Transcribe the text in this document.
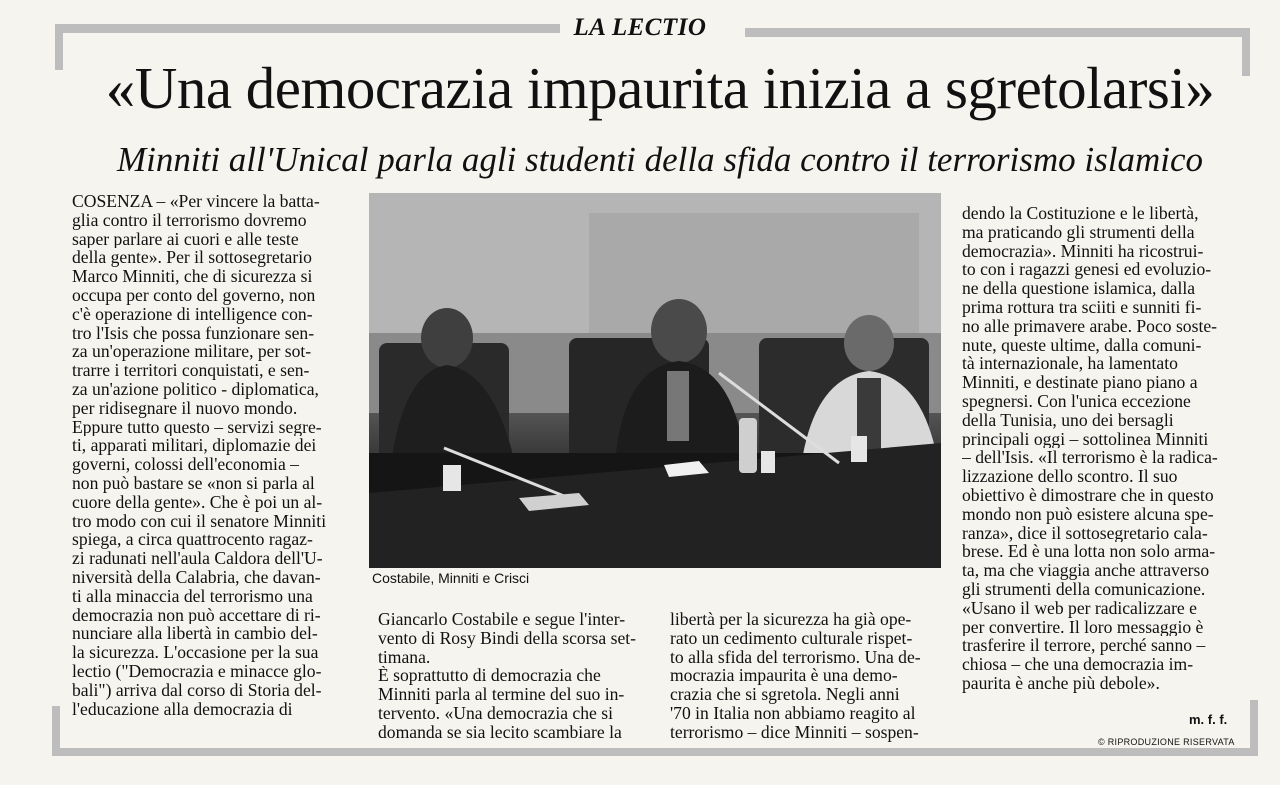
LA LECTIO
«Una democrazia impaurita inizia a sgretolarsi»
Minniti all'Unical parla agli studenti della sfida contro il terrorismo islamico
COSENZA – «Per vincere la batta-
glia contro il terrorismo dovremo
saper parlare ai cuori e alle teste
della gente». Per il sottosegretario
Marco Minniti, che di sicurezza si
occupa per conto del governo, non
c'è operazione di intelligence con-
tro l'Isis che possa funzionare sen-
za un'operazione militare, per sot-
trarre i territori conquistati, e sen-
za un'azione politico - diplomatica,
per ridisegnare il nuovo mondo.
Eppure tutto questo – servizi segre-
ti, apparati militari, diplomazie dei
governi, colossi dell'economia –
non può bastare se «non si parla al
cuore della gente». Che è poi un al-
tro modo con cui il senatore Minniti
spiega, a circa quattrocento ragaz-
zi radunati nell'aula Caldora dell'U-
niversità della Calabria, che davan-
ti alla minaccia del terrorismo una
democrazia non può accettare di ri-
nunciare alla libertà in cambio del-
la sicurezza. L'occasione per la sua
lectio ("Democrazia e minacce glo-
bali") arriva dal corso di Storia del-
l'educazione alla democrazia di
Costabile, Minniti e Crisci
Giancarlo Costabile e segue l'inter-
vento di Rosy Bindi della scorsa set-
timana.
È soprattutto di democrazia che
Minniti parla al termine del suo in-
tervento. «Una democrazia che si
domanda se sia lecito scambiare la
libertà per la sicurezza ha già ope-
rato un cedimento culturale rispet-
to alla sfida del terrorismo. Una de-
mocrazia impaurita è una demo-
crazia che si sgretola. Negli anni
'70 in Italia non abbiamo reagito al
terrorismo – dice Minniti – sospen-
dendo la Costituzione e le libertà,
ma praticando gli strumenti della
democrazia». Minniti ha ricostrui-
to con i ragazzi genesi ed evoluzio-
ne della questione islamica, dalla
prima rottura tra sciiti e sunniti fi-
no alle primavere arabe. Poco soste-
nute, queste ultime, dalla comuni-
tà internazionale, ha lamentato
Minniti, e destinate piano piano a
spegnersi. Con l'unica eccezione
della Tunisia, uno dei bersagli
principali oggi – sottolinea Minniti
– dell'Isis. «Il terrorismo è la radica-
lizzazione dello scontro. Il suo
obiettivo è dimostrare che in questo
mondo non può esistere alcuna spe-
ranza», dice il sottosegretario cala-
brese. Ed è una lotta non solo arma-
ta, ma che viaggia anche attraverso
gli strumenti della comunicazione.
«Usano il web per radicalizzare e
per convertire. Il loro messaggio è
trasferire il terrore, perché sanno –
chiosa – che una democrazia im-
paurita è anche più debole».
m. f. f.
© RIPRODUZIONE RISERVATA
